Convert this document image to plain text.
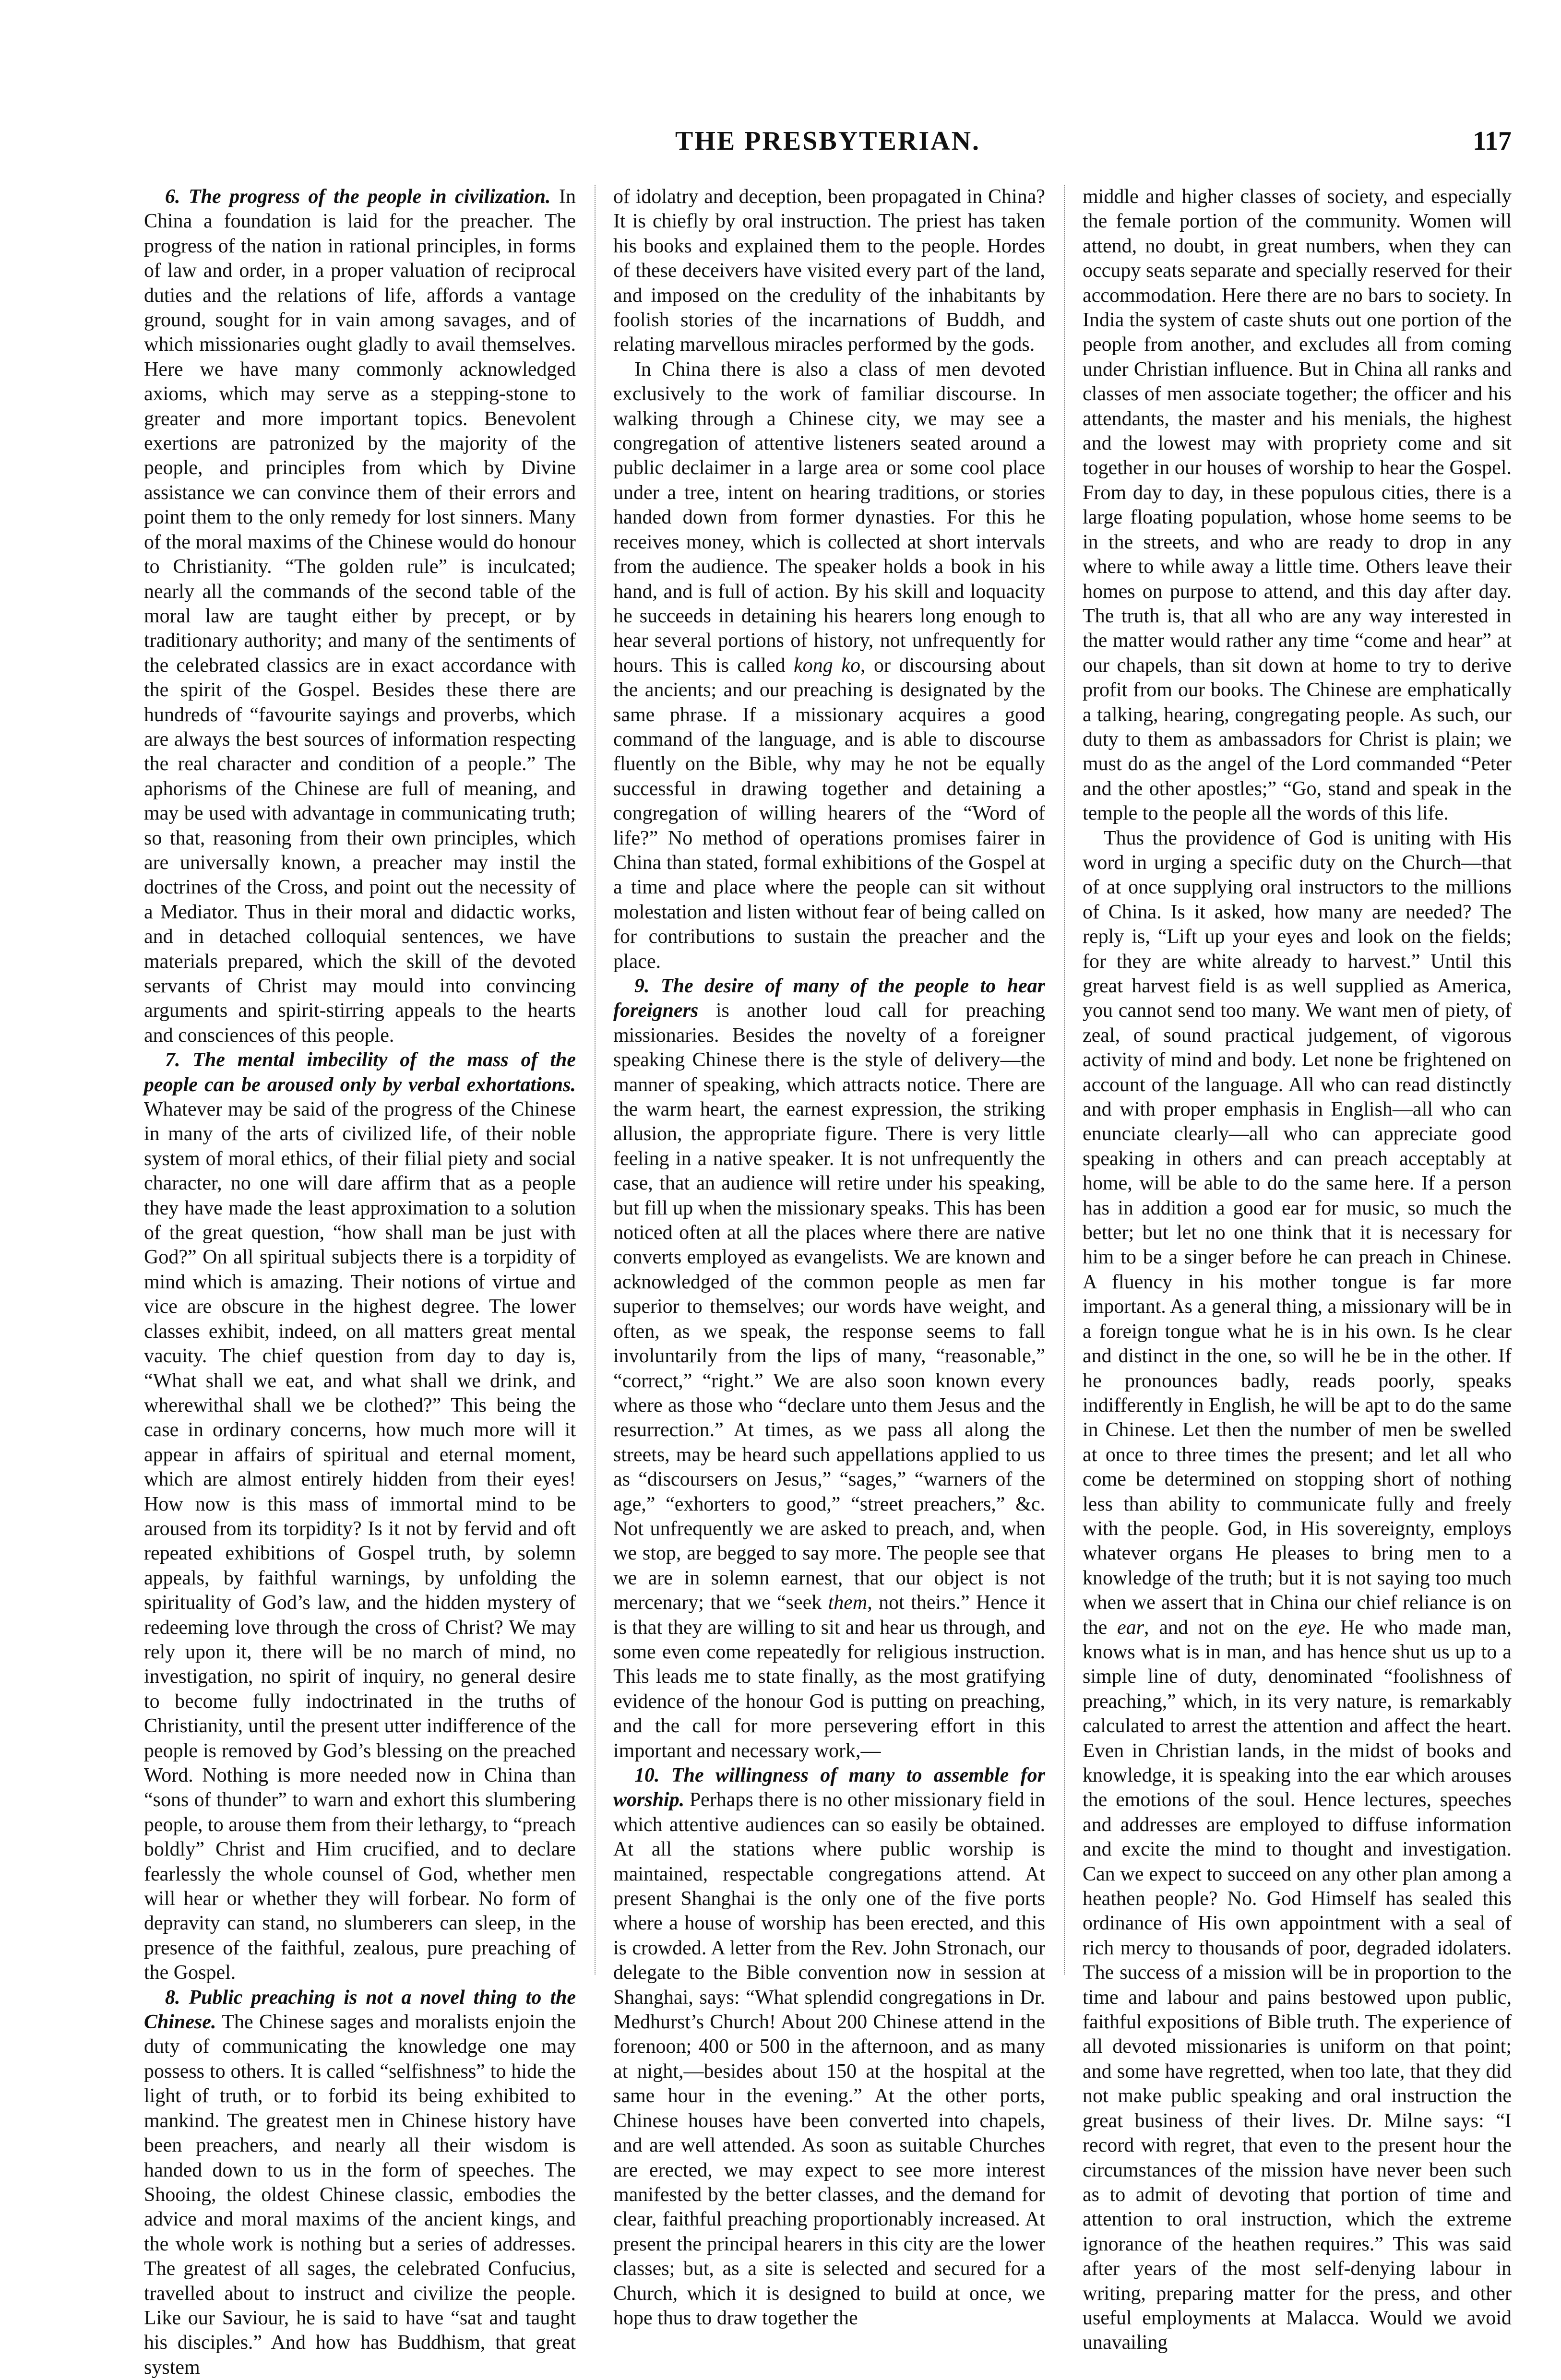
THE PRESBYTERIAN.	117

6. The progress of the people in civilization. In China a foundation is laid for the preacher. The progress of the nation in rational principles, in forms of law and order, in a proper valuation of reciprocal duties and the relations of life, affords a vantage ground, sought for in vain among savages, and of which missionaries ought gladly to avail themselves. Here we have many commonly acknowledged axioms, which may serve as a stepping-stone to greater and more important topics. Benevolent exertions are patronized by the majority of the people, and principles from which by Divine assistance we can convince them of their errors and point them to the only remedy for lost sinners. Many of the moral maxims of the Chinese would do honour to Christianity. “The golden rule” is inculcated; nearly all the commands of the second table of the moral law are taught either by precept, or by traditionary authority; and many of the sentiments of the celebrated classics are in exact accordance with the spirit of the Gospel. Besides these there are hundreds of “favourite sayings and proverbs, which are always the best sources of information respecting the real character and condition of a people.” The aphorisms of the Chinese are full of meaning, and may be used with advantage in communicating truth; so that, reasoning from their own principles, which are universally known, a preacher may instil the doctrines of the Cross, and point out the necessity of a Mediator. Thus in their moral and didactic works, and in detached colloquial sentences, we have materials prepared, which the skill of the devoted servants of Christ may mould into convincing arguments and spirit-stirring appeals to the hearts and consciences of this people.

7. The mental imbecility of the mass of the people can be aroused only by verbal exhortations. Whatever may be said of the progress of the Chinese in many of the arts of civilized life, of their noble system of moral ethics, of their filial piety and social character, no one will dare affirm that as a people they have made the least approximation to a solution of the great question, “how shall man be just with God?” On all spiritual subjects there is a torpidity of mind which is amazing. Their notions of virtue and vice are obscure in the highest degree. The lower classes exhibit, indeed, on all matters great mental vacuity. The chief question from day to day is, “What shall we eat, and what shall we drink, and wherewithal shall we be clothed?” This being the case in ordinary concerns, how much more will it appear in affairs of spiritual and eternal moment, which are almost entirely hidden from their eyes! How now is this mass of immortal mind to be aroused from its torpidity? Is it not by fervid and oft repeated exhibitions of Gospel truth, by solemn appeals, by faithful warnings, by unfolding the spirituality of God’s law, and the hidden mystery of redeeming love through the cross of Christ? We may rely upon it, there will be no march of mind, no investigation, no spirit of inquiry, no general desire to become fully indoctrinated in the truths of Christianity, until the present utter indifference of the people is removed by God’s blessing on the preached Word. Nothing is more needed now in China than “sons of thunder” to warn and exhort this slumbering people, to arouse them from their lethargy, to “preach boldly” Christ and Him crucified, and to declare fearlessly the whole counsel of God, whether men will hear or whether they will forbear. No form of depravity can stand, no slumberers can sleep, in the presence of the faithful, zealous, pure preaching of the Gospel.

8. Public preaching is not a novel thing to the Chinese. The Chinese sages and moralists enjoin the duty of communicating the knowledge one may possess to others. It is called “selfishness” to hide the light of truth, or to forbid its being exhibited to mankind. The greatest men in Chinese history have been preachers, and nearly all their wisdom is handed down to us in the form of speeches. The Shooing, the oldest Chinese classic, embodies the advice and moral maxims of the ancient kings, and the whole work is nothing but a series of addresses. The greatest of all sages, the celebrated Confucius, travelled about to instruct and civilize the people. Like our Saviour, he is said to have “sat and taught his disciples.” And how has Buddhism, that great system

of idolatry and deception, been propagated in China? It is chiefly by oral instruction. The priest has taken his books and explained them to the people. Hordes of these deceivers have visited every part of the land, and imposed on the credulity of the inhabitants by foolish stories of the incarnations of Buddh, and relating marvellous miracles performed by the gods.

In China there is also a class of men devoted exclusively to the work of familiar discourse. In walking through a Chinese city, we may see a congregation of attentive listeners seated around a public declaimer in a large area or some cool place under a tree, intent on hearing traditions, or stories handed down from former dynasties. For this he receives money, which is collected at short intervals from the audience. The speaker holds a book in his hand, and is full of action. By his skill and loquacity he succeeds in detaining his hearers long enough to hear several portions of history, not unfrequently for hours. This is called kong ko, or discoursing about the ancients; and our preaching is designated by the same phrase. If a missionary acquires a good command of the language, and is able to discourse fluently on the Bible, why may he not be equally successful in drawing together and detaining a congregation of willing hearers of the “Word of life?” No method of operations promises fairer in China than stated, formal exhibitions of the Gospel at a time and place where the people can sit without molestation and listen without fear of being called on for contributions to sustain the preacher and the place.

9. The desire of many of the people to hear foreigners is another loud call for preaching missionaries. Besides the novelty of a foreigner speaking Chinese there is the style of delivery—the manner of speaking, which attracts notice. There are the warm heart, the earnest expression, the striking allusion, the appropriate figure. There is very little feeling in a native speaker. It is not unfrequently the case, that an audience will retire under his speaking, but fill up when the missionary speaks. This has been noticed often at all the places where there are native converts employed as evangelists. We are known and acknowledged of the common people as men far superior to themselves; our words have weight, and often, as we speak, the response seems to fall involuntarily from the lips of many, “reasonable,” “correct,” “right.” We are also soon known every where as those who “declare unto them Jesus and the resurrection.” At times, as we pass all along the streets, may be heard such appellations applied to us as “discoursers on Jesus,” “sages,” “warners of the age,” “exhorters to good,” “street preachers,” &c. Not unfrequently we are asked to preach, and, when we stop, are begged to say more. The people see that we are in solemn earnest, that our object is not mercenary; that we “seek them, not theirs.” Hence it is that they are willing to sit and hear us through, and some even come repeatedly for religious instruction. This leads me to state finally, as the most gratifying evidence of the honour God is putting on preaching, and the call for more persevering effort in this important and necessary work,—

10. The willingness of many to assemble for worship. Perhaps there is no other missionary field in which attentive audiences can so easily be obtained. At all the stations where public worship is maintained, respectable congregations attend. At present Shanghai is the only one of the five ports where a house of worship has been erected, and this is crowded. A letter from the Rev. John Stronach, our delegate to the Bible convention now in session at Shanghai, says: “What splendid congregations in Dr. Medhurst’s Church! About 200 Chinese attend in the forenoon; 400 or 500 in the afternoon, and as many at night,—besides about 150 at the hospital at the same hour in the evening.” At the other ports, Chinese houses have been converted into chapels, and are well attended. As soon as suitable Churches are erected, we may expect to see more interest manifested by the better classes, and the demand for clear, faithful preaching proportionably increased. At present the principal hearers in this city are the lower classes; but, as a site is selected and secured for a Church, which it is designed to build at once, we hope thus to draw together the

middle and higher classes of society, and especially the female portion of the community. Women will attend, no doubt, in great numbers, when they can occupy seats separate and specially reserved for their accommodation. Here there are no bars to society. In India the system of caste shuts out one portion of the people from another, and excludes all from coming under Christian influence. But in China all ranks and classes of men associate together; the officer and his attendants, the master and his menials, the highest and the lowest may with propriety come and sit together in our houses of worship to hear the Gospel. From day to day, in these populous cities, there is a large floating population, whose home seems to be in the streets, and who are ready to drop in any where to while away a little time. Others leave their homes on purpose to attend, and this day after day. The truth is, that all who are any way interested in the matter would rather any time “come and hear” at our chapels, than sit down at home to try to derive profit from our books. The Chinese are emphatically a talking, hearing, congregating people. As such, our duty to them as ambassadors for Christ is plain; we must do as the angel of the Lord commanded “Peter and the other apostles;” “Go, stand and speak in the temple to the people all the words of this life.

Thus the providence of God is uniting with His word in urging a specific duty on the Church—that of at once supplying oral instructors to the millions of China. Is it asked, how many are needed? The reply is, “Lift up your eyes and look on the fields; for they are white already to harvest.” Until this great harvest field is as well supplied as America, you cannot send too many. We want men of piety, of zeal, of sound practical judgement, of vigorous activity of mind and body. Let none be frightened on account of the language. All who can read distinctly and with proper emphasis in English—all who can enunciate clearly—all who can appreciate good speaking in others and can preach acceptably at home, will be able to do the same here. If a person has in addition a good ear for music, so much the better; but let no one think that it is necessary for him to be a singer before he can preach in Chinese. A fluency in his mother tongue is far more important. As a general thing, a missionary will be in a foreign tongue what he is in his own. Is he clear and distinct in the one, so will he be in the other. If he pronounces badly, reads poorly, speaks indifferently in English, he will be apt to do the same in Chinese. Let then the number of men be swelled at once to three times the present; and let all who come be determined on stopping short of nothing less than ability to communicate fully and freely with the people. God, in His sovereignty, employs whatever organs He pleases to bring men to a knowledge of the truth; but it is not saying too much when we assert that in China our chief reliance is on the ear, and not on the eye. He who made man, knows what is in man, and has hence shut us up to a simple line of duty, denominated “foolishness of preaching,” which, in its very nature, is remarkably calculated to arrest the attention and affect the heart. Even in Christian lands, in the midst of books and knowledge, it is speaking into the ear which arouses the emotions of the soul. Hence lectures, speeches and addresses are employed to diffuse information and excite the mind to thought and investigation. Can we expect to succeed on any other plan among a heathen people? No. God Himself has sealed this ordinance of His own appointment with a seal of rich mercy to thousands of poor, degraded idolaters. The success of a mission will be in proportion to the time and labour and pains bestowed upon public, faithful expositions of Bible truth. The experience of all devoted missionaries is uniform on that point; and some have regretted, when too late, that they did not make public speaking and oral instruction the great business of their lives. Dr. Milne says: “I record with regret, that even to the present hour the circumstances of the mission have never been such as to admit of devoting that portion of time and attention to oral instruction, which the extreme ignorance of the heathen requires.” This was said after years of the most self-denying labour in writing, preparing matter for the press, and other useful employments at Malacca. Would we avoid unavailing
